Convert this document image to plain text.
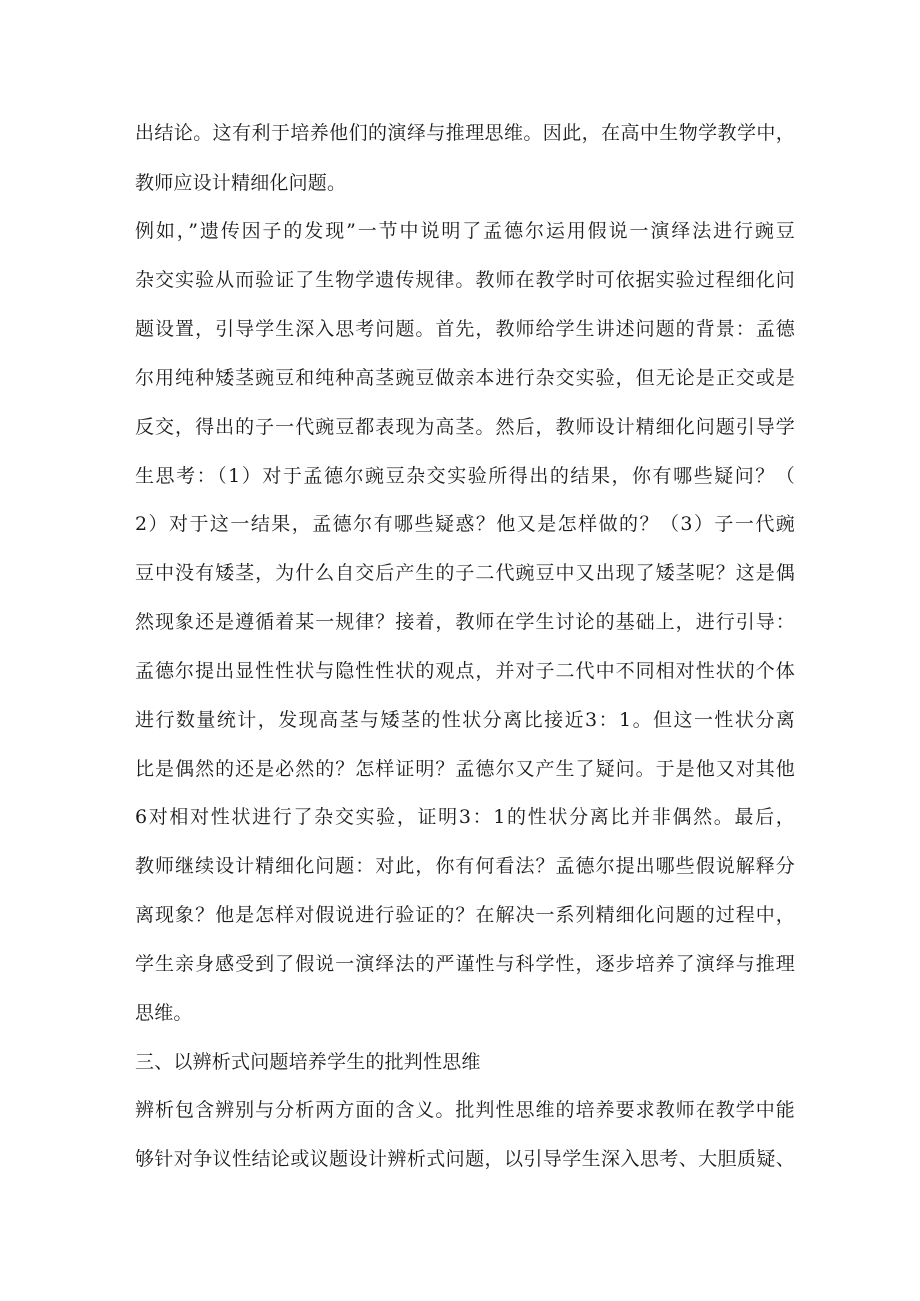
出结论。这有利于培养他们的演绎与推理思维。因此，在高中生物学教学中，
教师应设计精细化问题。
例如，”遗传因子的发现”一节中说明了孟德尔运用假说一演绎法进行豌豆
杂交实验从而验证了生物学遗传规律。教师在教学时可依据实验过程细化问
题设置，引导学生深入思考问题。首先，教师给学生讲述问题的背景：孟德
尔用纯种矮茎豌豆和纯种高茎豌豆做亲本进行杂交实验，但无论是正交或是
反交，得出的子一代豌豆都表现为高茎。然后，教师设计精细化问题引导学
生思考：（1）对于孟德尔豌豆杂交实验所得出的结果，你有哪些疑问？（
2）对于这一结果，孟德尔有哪些疑惑？他又是怎样做的？（3）子一代豌
豆中没有矮茎，为什么自交后产生的子二代豌豆中又出现了矮茎呢？这是偶
然现象还是遵循着某一规律？接着，教师在学生讨论的基础上，进行引导：
孟德尔提出显性性状与隐性性状的观点，并对子二代中不同相对性状的个体
进行数量统计，发现高茎与矮茎的性状分离比接近3：1。但这一性状分离
比是偶然的还是必然的？怎样证明？孟德尔又产生了疑问。于是他又对其他
6对相对性状进行了杂交实验，证明3：1的性状分离比并非偶然。最后，
教师继续设计精细化问题：对此，你有何看法？孟德尔提出哪些假说解释分
离现象？他是怎样对假说进行验证的？在解决一系列精细化问题的过程中，
学生亲身感受到了假说一演绎法的严谨性与科学性，逐步培养了演绎与推理
思维。
三、以辨析式问题培养学生的批判性思维
辨析包含辨别与分析两方面的含义。批判性思维的培养要求教师在教学中能
够针对争议性结论或议题设计辨析式问题，以引导学生深入思考、大胆质疑、
